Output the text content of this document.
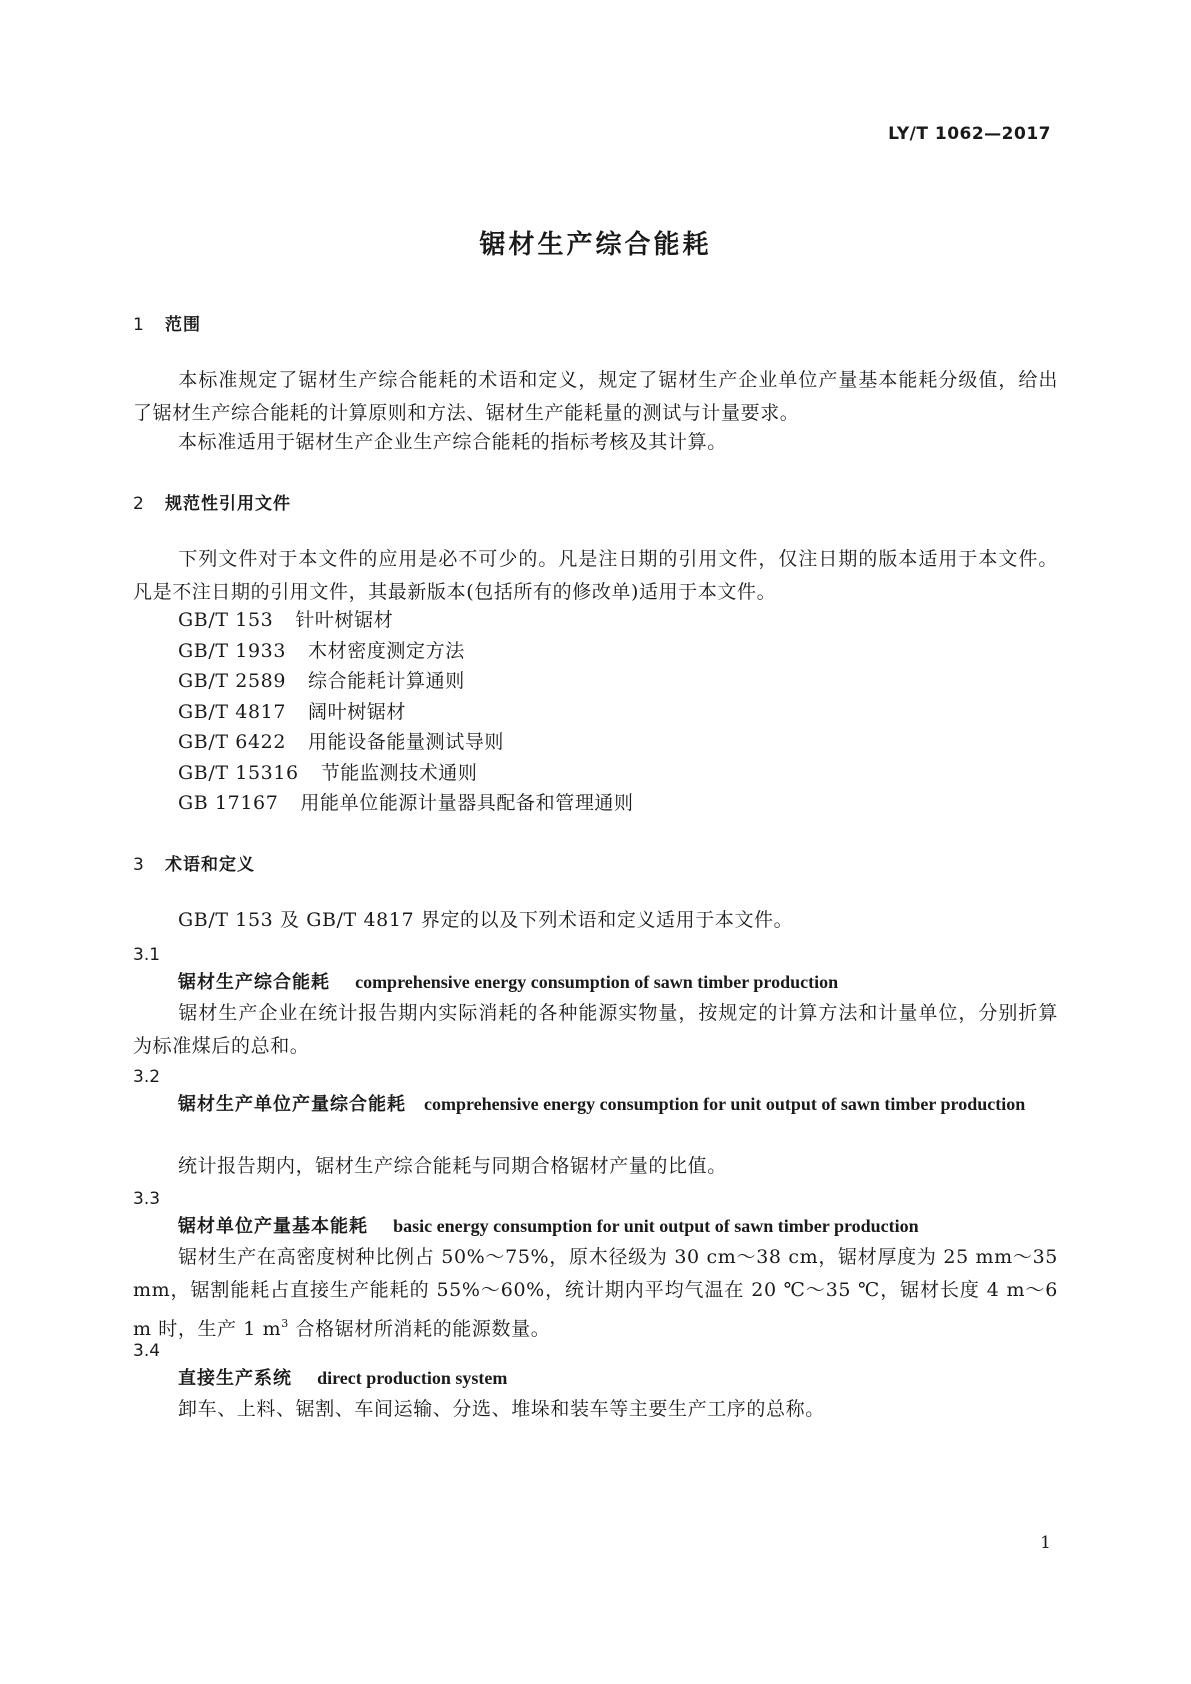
LY/T 1062—2017
锯材生产综合能耗
1 范围
本标准规定了锯材生产综合能耗的术语和定义，规定了锯材生产企业单位产量基本能耗分级值，给出了锯材生产综合能耗的计算原则和方法、锯材生产能耗量的测试与计量要求。
本标准适用于锯材生产企业生产综合能耗的指标考核及其计算。
2 规范性引用文件
下列文件对于本文件的应用是必不可少的。凡是注日期的引用文件，仅注日期的版本适用于本文件。凡是不注日期的引用文件，其最新版本(包括所有的修改单)适用于本文件。
GB/T 153 针叶树锯材
GB/T 1933 木材密度测定方法
GB/T 2589 综合能耗计算通则
GB/T 4817 阔叶树锯材
GB/T 6422 用能设备能量测试导则
GB/T 15316 节能监测技术通则
GB 17167 用能单位能源计量器具配备和管理通则
3 术语和定义
GB/T 153 及 GB/T 4817 界定的以及下列术语和定义适用于本文件。
3.1
锯材生产综合能耗 comprehensive energy consumption of sawn timber production
锯材生产企业在统计报告期内实际消耗的各种能源实物量，按规定的计算方法和计量单位，分别折算为标准煤后的总和。
3.2
锯材生产单位产量综合能耗 comprehensive energy consumption for unit output of sawn timber production
统计报告期内，锯材生产综合能耗与同期合格锯材产量的比值。
3.3
锯材单位产量基本能耗 basic energy consumption for unit output of sawn timber production
锯材生产在高密度树种比例占 50%～75%，原木径级为 30 cm～38 cm，锯材厚度为 25 mm～35 mm，锯割能耗占直接生产能耗的 55%～60%，统计期内平均气温在 20 ℃～35 ℃，锯材长度 4 m～6 m 时，生产 1 $m^3$ 合格锯材所消耗的能源数量。
3.4
直接生产系统 direct production system
卸车、上料、锯割、车间运输、分选、堆垛和装车等主要生产工序的总称。
1
